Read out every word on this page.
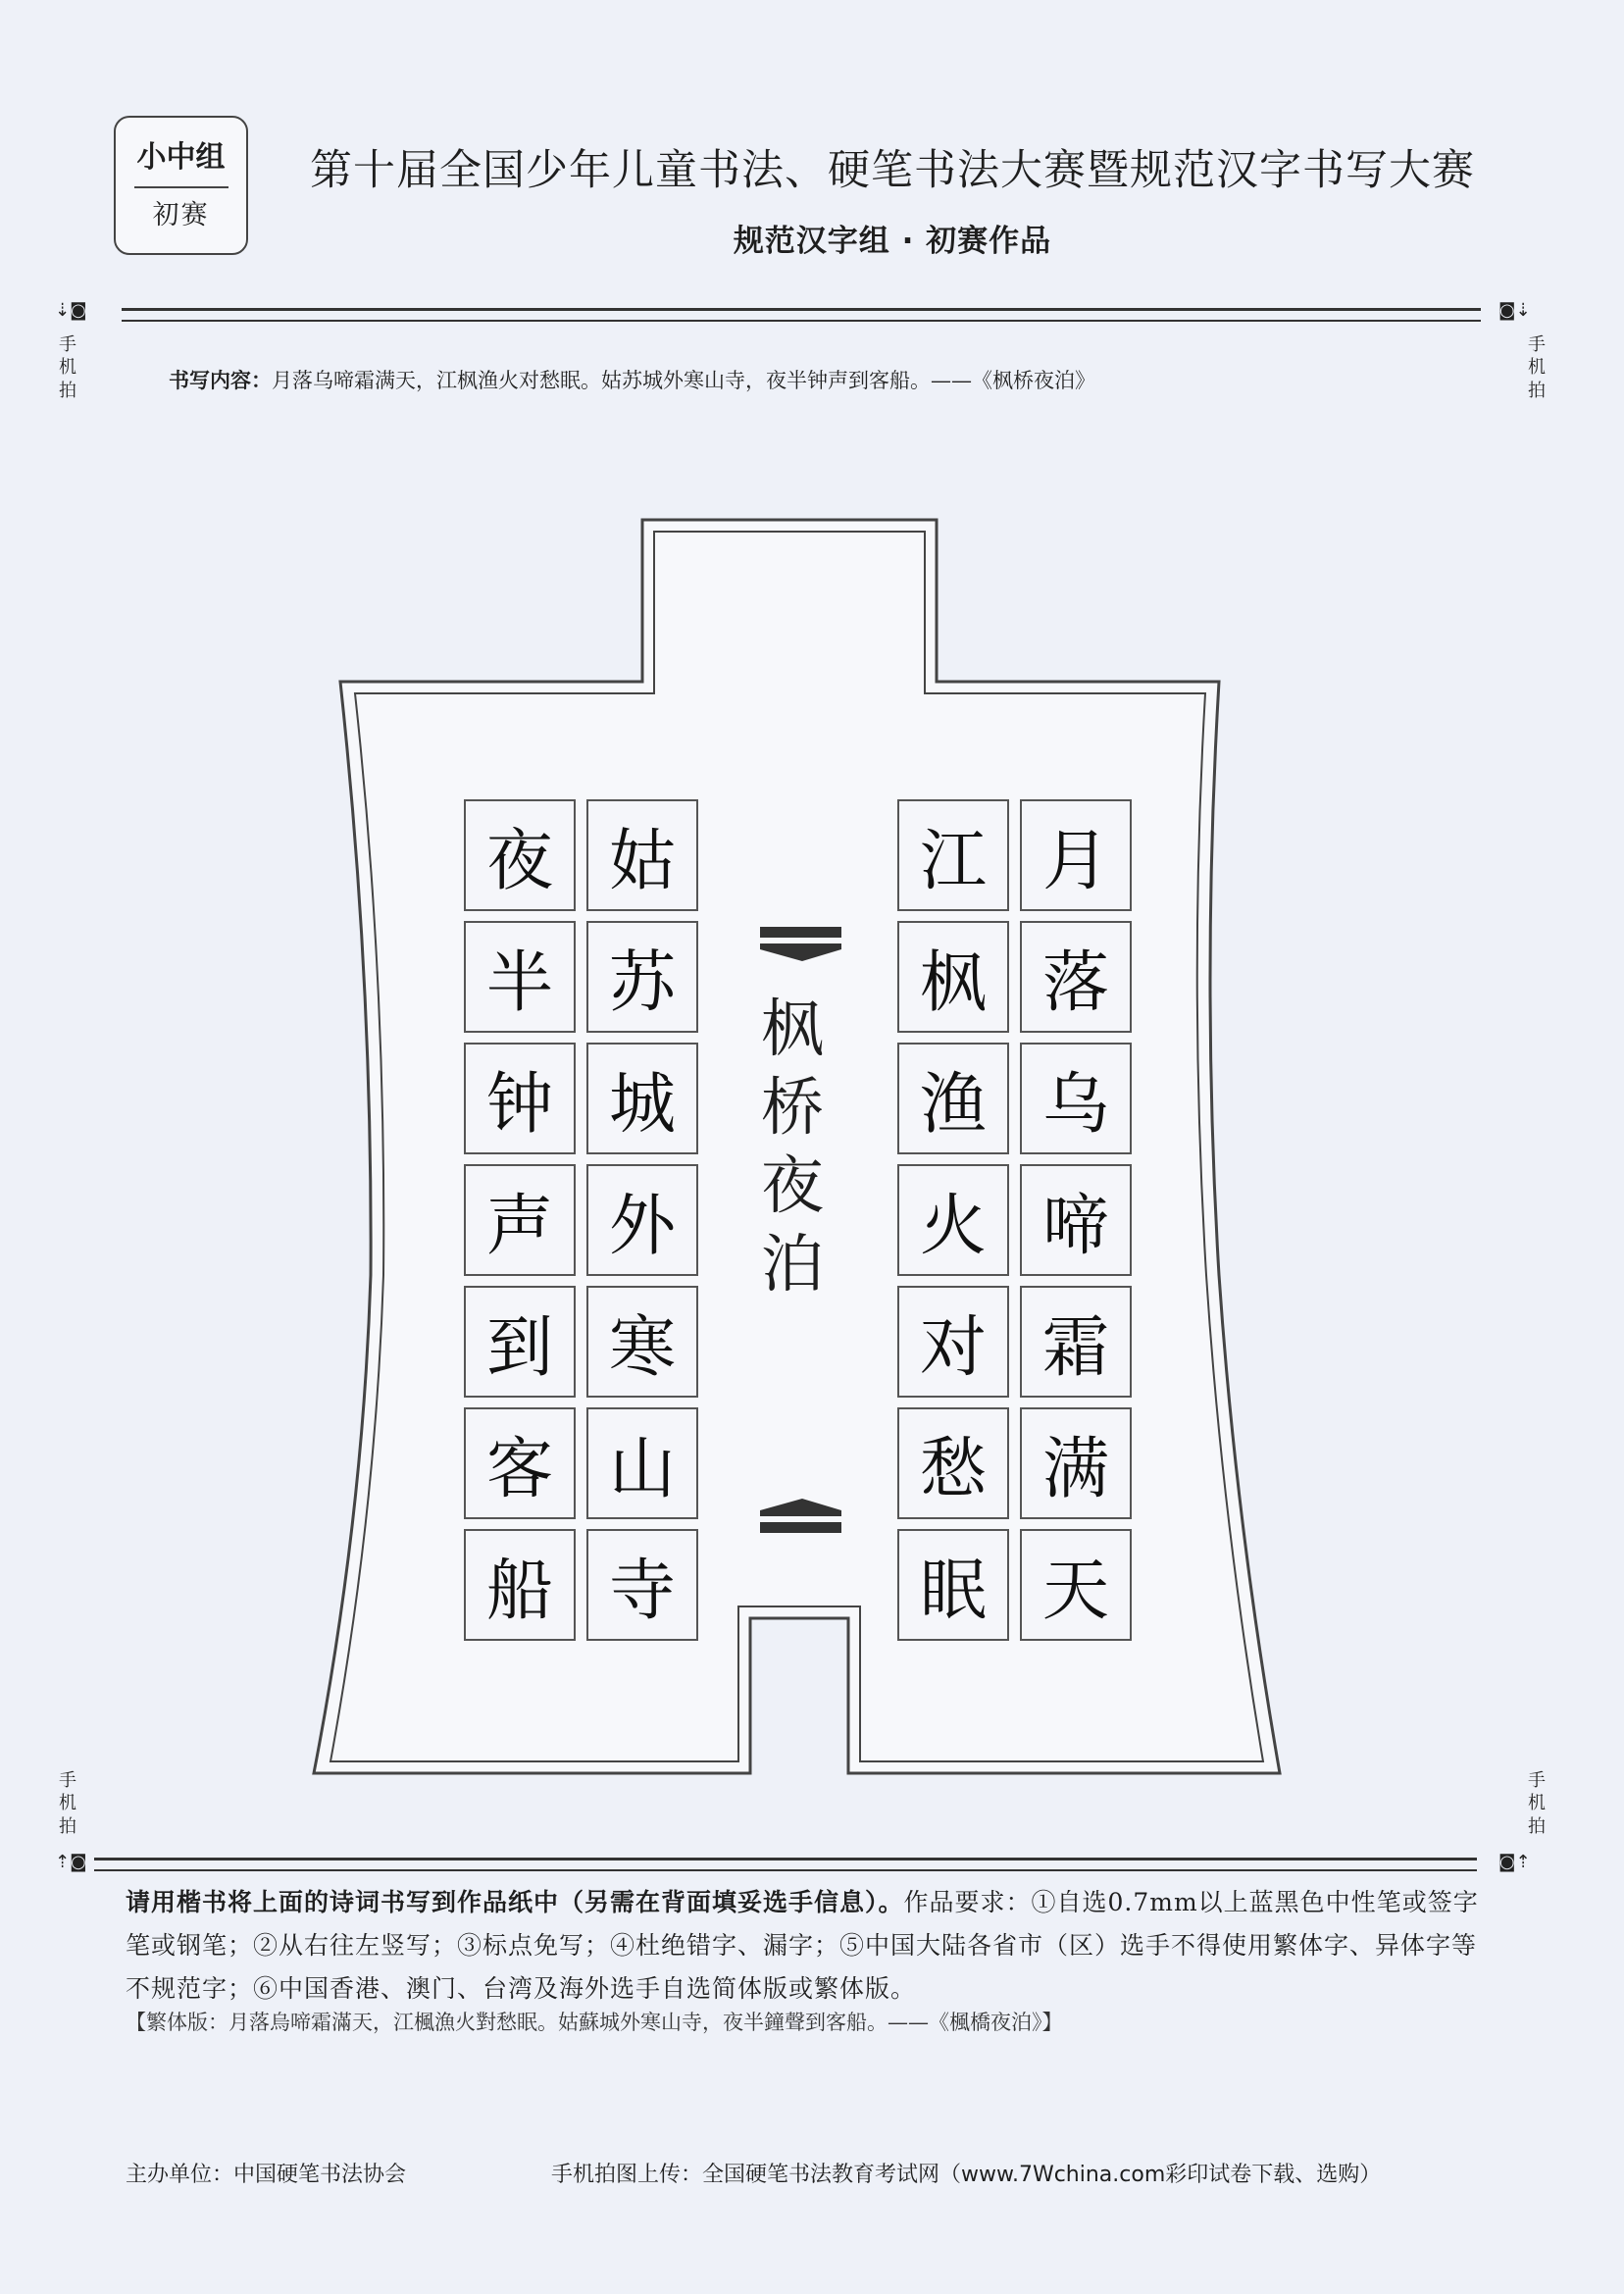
小中组
初赛
第十届全国少年儿童书法、硬笔书法大赛暨规范汉字书写大赛
规范汉字组 · 初赛作品
⇣◙
手机拍
◙⇣
手机拍
手机拍
⇡◙
手机拍
◙⇡
书写内容：月落乌啼霜满天，江枫渔火对愁眠。姑苏城外寒山寺，夜半钟声到客船。——《枫桥夜泊》
月
落
乌
啼
霜
满
天
江
枫
渔
火
对
愁
眠
姑
苏
城
外
寒
山
寺
夜
半
钟
声
到
客
船
枫
桥
夜
泊
请用楷书将上面的诗词书写到作品纸中（另需在背面填妥选手信息）。作品要求：①自选0.7mm以上蓝黑色中性笔或签字笔或钢笔；②从右往左竖写；③标点免写；④杜绝错字、漏字；⑤中国大陆各省市（区）选手不得使用繁体字、异体字等不规范字；⑥中国香港、澳门、台湾及海外选手自选简体版或繁体版。
【繁体版：月落烏啼霜滿天，江楓漁火對愁眠。姑蘇城外寒山寺，夜半鐘聲到客船。——《楓橋夜泊》】
主办单位：中国硬笔书法协会	手机拍图上传：全国硬笔书法教育考试网（www.7Wchina.com彩印试卷下载、选购）
